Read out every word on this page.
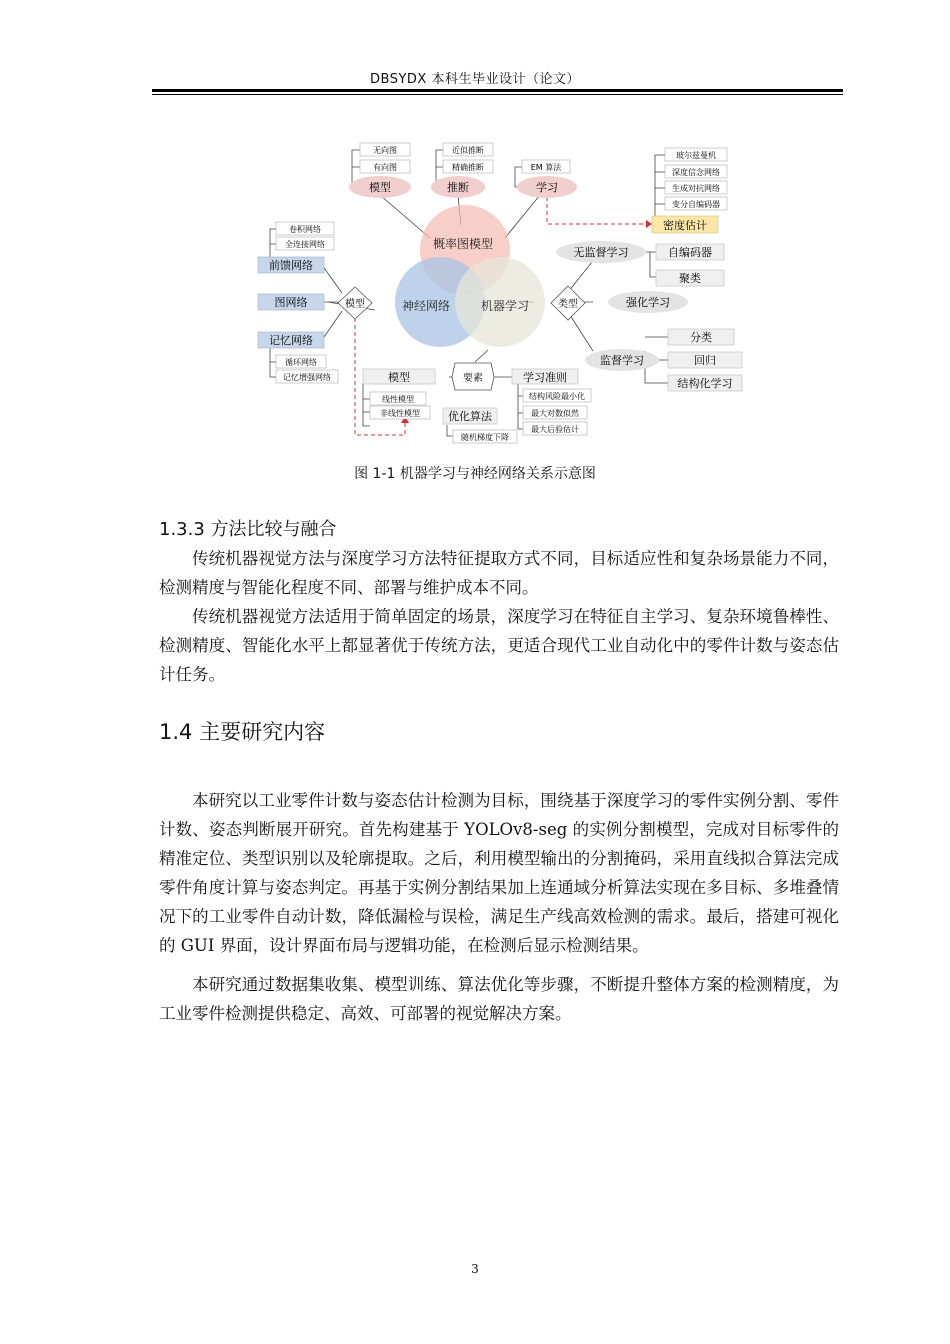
DBSYDX 本科生毕业设计（论文）
概率图模型
神经网络	机器学习
模型	推断	学习
无向图
有向图
近似推断
精确推断	EM 算法
玻尔兹曼机
深度信念网络
生成对抗网络
变分自编码器
密度估计
模型
前馈网络
图网络
记忆网络
卷积网络
全连接网络
循环网络
记忆增强网络
类型
无监督学习	自编码器
聚类
强化学习
监督学习
分类
回归
结构化学习
要素
模型	学习准则
优化算法
线性模型
非线性模型
结构风险最小化
最大对数似然
最大后验估计
随机梯度下降
图 1-1 机器学习与神经网络关系示意图
1.3.3 方法比较与融合
传统机器视觉方法与深度学习方法特征提取方式不同，目标适应性和复杂场景能力不同，检测精度与智能化程度不同、部署与维护成本不同。
传统机器视觉方法适用于简单固定的场景，深度学习在特征自主学习、复杂环境鲁棒性、检测精度、智能化水平上都显著优于传统方法，更适合现代工业自动化中的零件计数与姿态估计任务。
1.4 主要研究内容
本研究以工业零件计数与姿态估计检测为目标，围绕基于深度学习的零件实例分割、零件计数、姿态判断展开研究。首先构建基于 YOLOv8-seg 的实例分割模型，完成对目标零件的精准定位、类型识别以及轮廓提取。之后，利用模型输出的分割掩码，采用直线拟合算法完成零件角度计算与姿态判定。再基于实例分割结果加上连通域分析算法实现在多目标、多堆叠情况下的工业零件自动计数，降低漏检与误检，满足生产线高效检测的需求。最后，搭建可视化的 GUI 界面，设计界面布局与逻辑功能，在检测后显示检测结果。
本研究通过数据集收集、模型训练、算法优化等步骤，不断提升整体方案的检测精度，为工业零件检测提供稳定、高效、可部署的视觉解决方案。
3
